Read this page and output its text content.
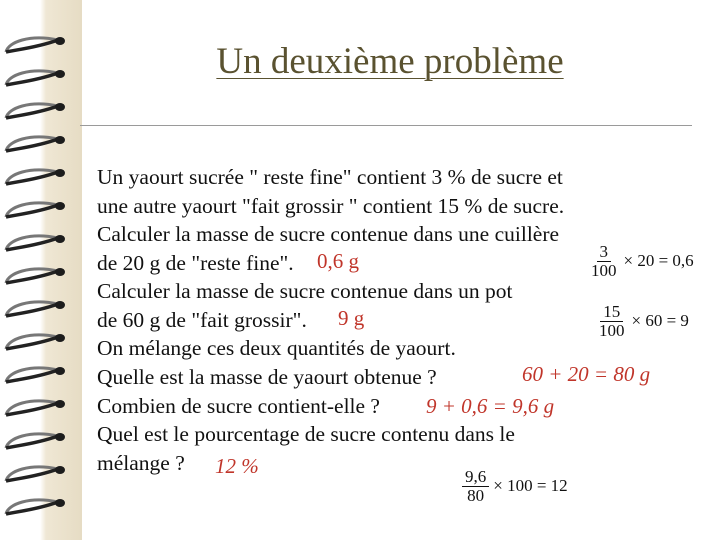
Un deuxième problème
Un yaourt sucrée " reste fine" contient 3 % de sucre et
une autre yaourt "fait grossir " contient 15 % de sucre.
Calculer la masse de sucre contenue dans une cuillère
de 20 g de "reste fine". 0,6 g
Calculer la masse de sucre contenue dans un pot
de 60 g de "fait grossir". 9 g
On mélange ces deux quantités de yaourt.
Quelle est la masse de yaourt obtenue ?	60 + 20 = 80 g
Combien de sucre contient-elle ? 9 + 0,6 = 9,6 g
Quel est le pourcentage de sucre contenu dans le
mélange ? 12 %
$\frac{3}{100} \times 20 = 0,6$
$\frac{15}{100} \times 60 = 9$
$\frac{9,6}{80} \times 100 = 12$
